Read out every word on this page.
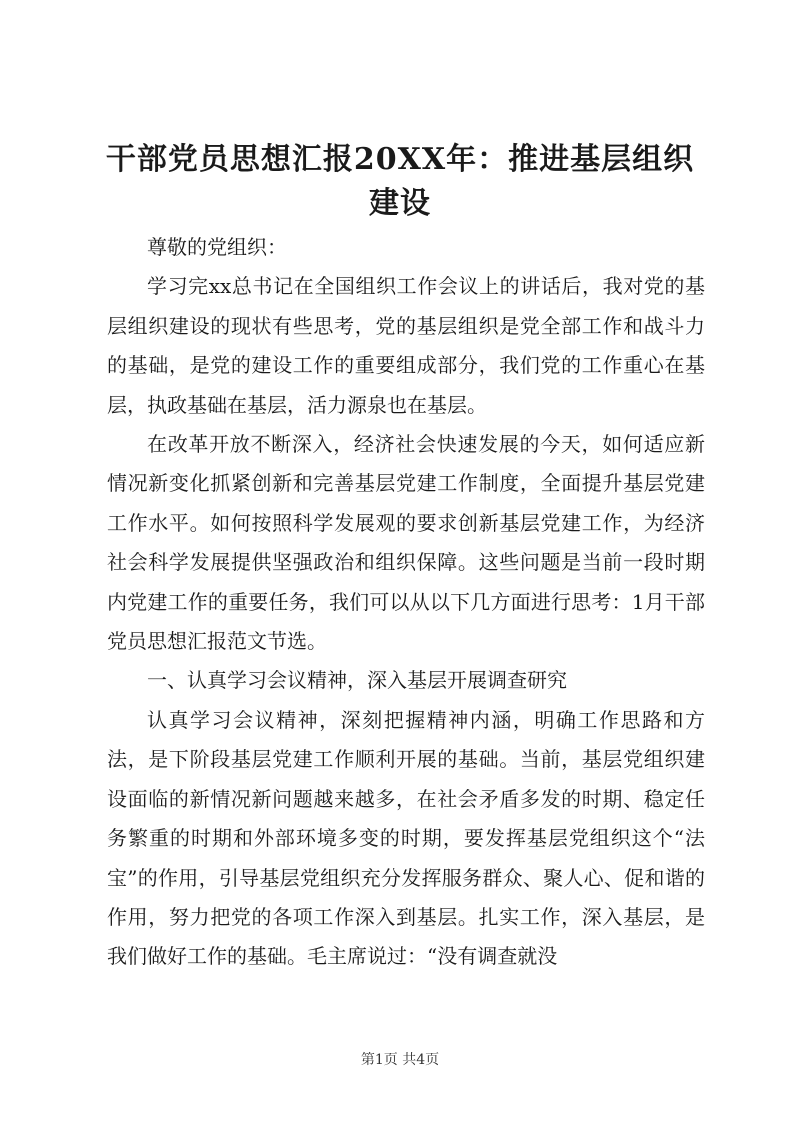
干部党员思想汇报20XX年：推进基层组织建设

尊敬的党组织：

学习完xx总书记在全国组织工作会议上的讲话后，我对党的基层组织建设的现状有些思考，党的基层组织是党全部工作和战斗力的基础，是党的建设工作的重要组成部分，我们党的工作重心在基层，执政基础在基层，活力源泉也在基层。

在改革开放不断深入，经济社会快速发展的今天，如何适应新情况新变化抓紧创新和完善基层党建工作制度，全面提升基层党建工作水平。如何按照科学发展观的要求创新基层党建工作，为经济社会科学发展提供坚强政治和组织保障。这些问题是当前一段时期内党建工作的重要任务，我们可以从以下几方面进行思考：1月干部党员思想汇报范文节选。

一、认真学习会议精神，深入基层开展调查研究

认真学习会议精神，深刻把握精神内涵，明确工作思路和方法，是下阶段基层党建工作顺利开展的基础。当前，基层党组织建设面临的新情况新问题越来越多，在社会矛盾多发的时期、稳定任务繁重的时期和外部环境多变的时期，要发挥基层党组织这个“法宝”的作用，引导基层党组织充分发挥服务群众、聚人心、促和谐的作用，努力把党的各项工作深入到基层。扎实工作，深入基层，是我们做好工作的基础。毛主席说过：“没有调查就没

第1页 共4页
